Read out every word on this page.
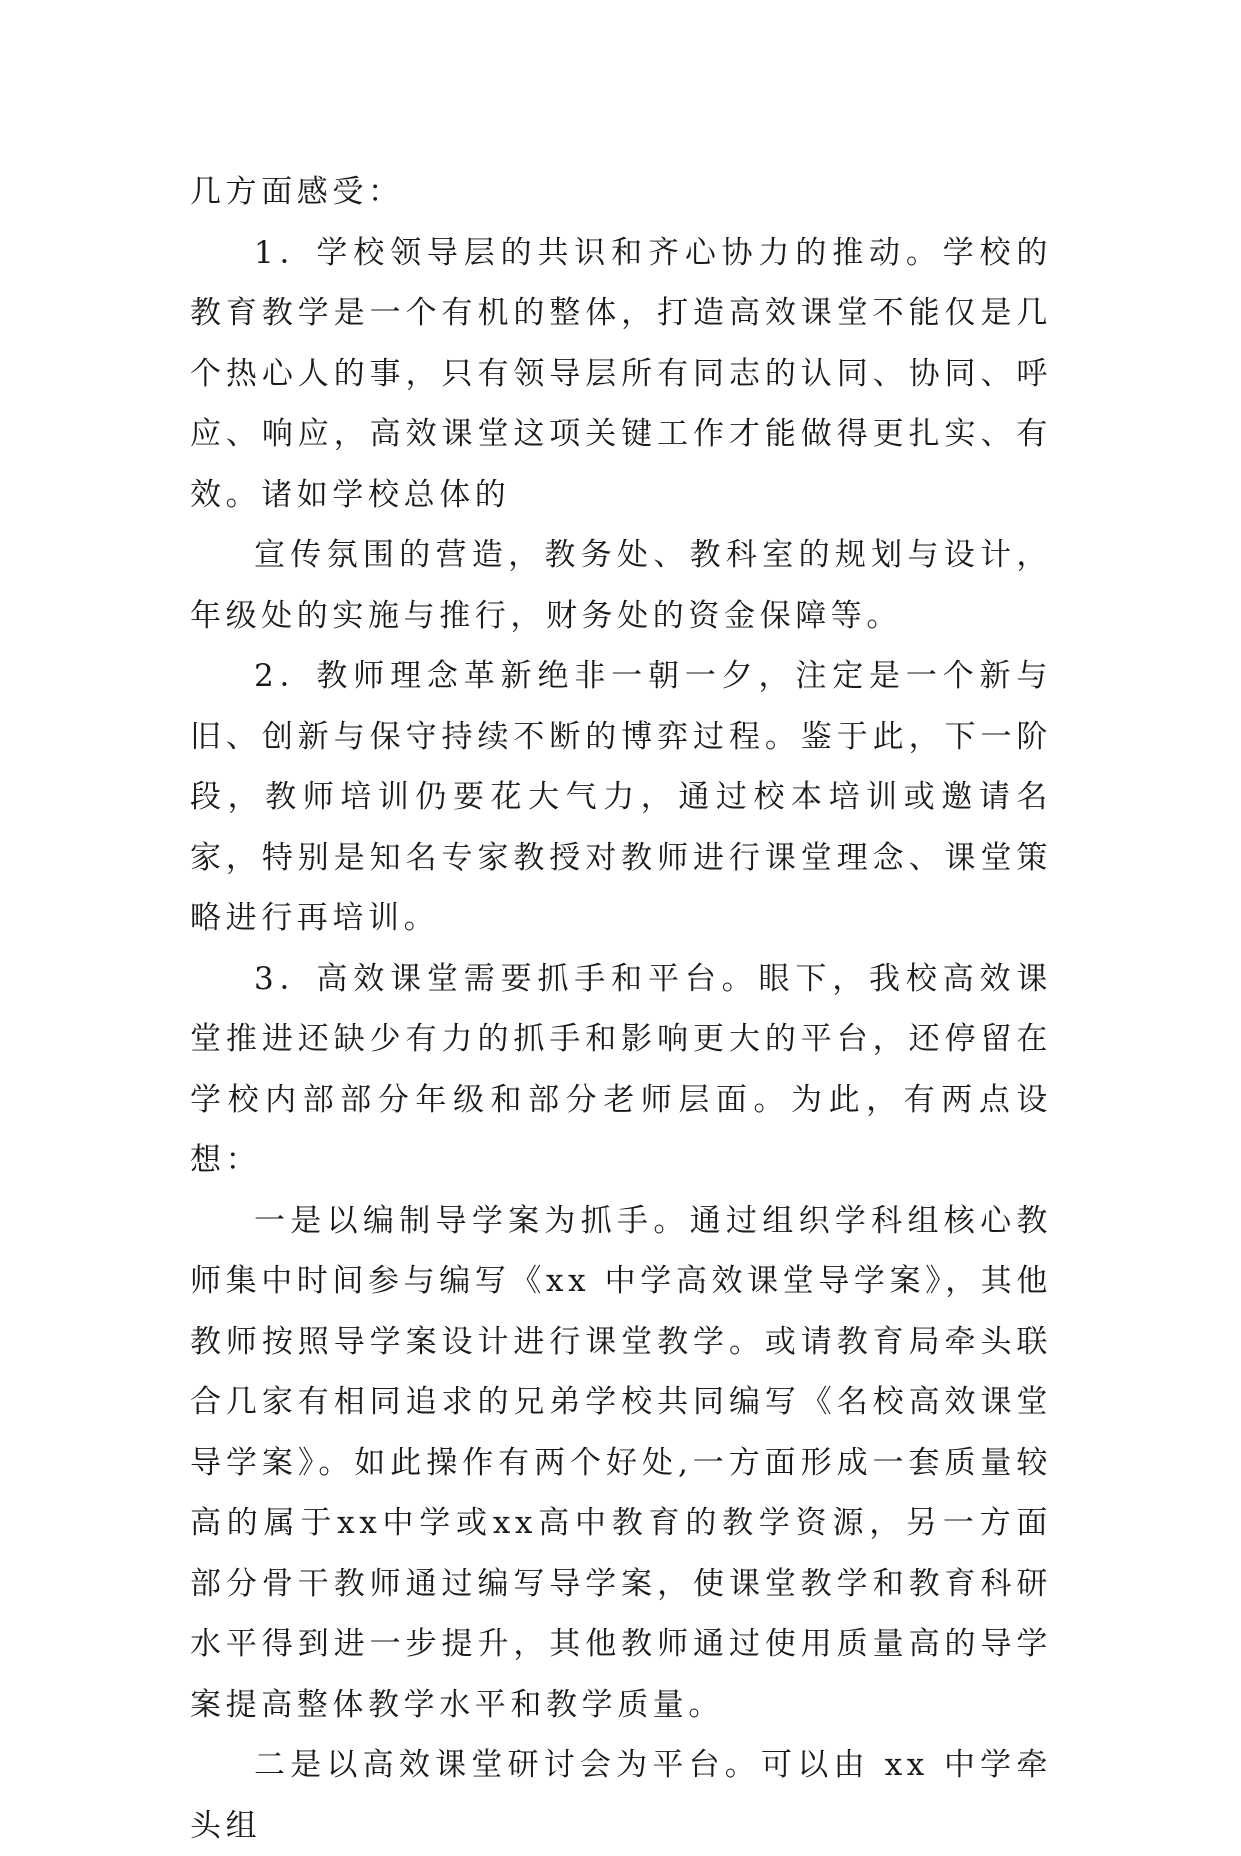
几方面感受：

1．学校领导层的共识和齐心协力的推动。学校的教育教学是一个有机的整体，打造高效课堂不能仅是几个热心人的事，只有领导层所有同志的认同、协同、呼应、响应，高效课堂这项关键工作才能做得更扎实、有效。诸如学校总体的

宣传氛围的营造，教务处、教科室的规划与设计，年级处的实施与推行，财务处的资金保障等。

2．教师理念革新绝非一朝一夕，注定是一个新与旧、创新与保守持续不断的博弈过程。鉴于此，下一阶段，教师培训仍要花大气力，通过校本培训或邀请名家，特别是知名专家教授对教师进行课堂理念、课堂策略进行再培训。

3．高效课堂需要抓手和平台。眼下，我校高效课堂推进还缺少有力的抓手和影响更大的平台，还停留在学校内部部分年级和部分老师层面。为此，有两点设想：

一是以编制导学案为抓手。通过组织学科组核心教师集中时间参与编写《xx 中学高效课堂导学案》，其他教师按照导学案设计进行课堂教学。或请教育局牵头联合几家有相同追求的兄弟学校共同编写《名校高效课堂导学案》。如此操作有两个好处,一方面形成一套质量较高的属于xx中学或xx高中教育的教学资源，另一方面部分骨干教师通过编写导学案，使课堂教学和教育科研水平得到进一步提升，其他教师通过使用质量高的导学案提高整体教学水平和教学质量。

二是以高效课堂研讨会为平台。可以由 xx 中学牵头组
